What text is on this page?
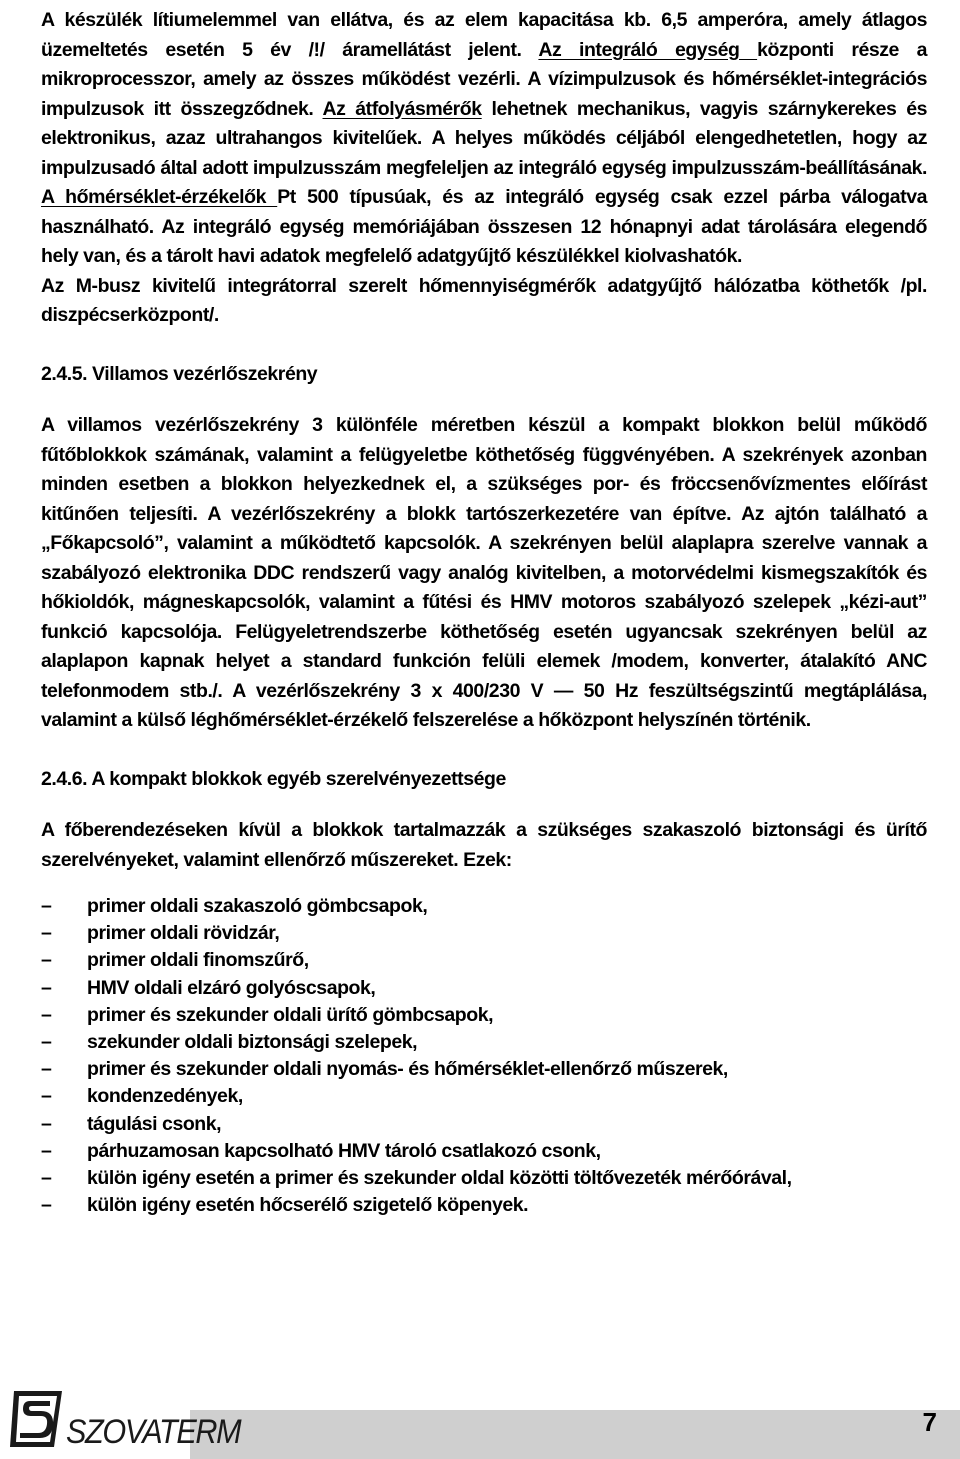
A készülék lítiumelemmel van ellátva, és az elem kapacitása kb. 6,5 amperóra, amely átlagos üzemeltetés esetén 5 év /!/ áramellátást jelent. Az integráló egység központi része a mikroprocesszor, amely az összes működést vezérli. A vízimpulzusok és hőmérséklet-integrációs impulzusok itt összegződnek. Az átfolyásmérők lehetnek mechanikus, vagyis szárnykerekes és elektronikus, azaz ultrahangos kivitelűek. A helyes működés céljából elengedhetetlen, hogy az impulzusadó által adott impulzusszám megfeleljen az integráló egység impulzusszám-beállításának. A hőmérséklet-érzékelők Pt 500 típusúak, és az integráló egység csak ezzel párba válogatva használható. Az integráló egység memóriájában összesen 12 hónapnyi adat tárolására elegendő hely van, és a tárolt havi adatok megfelelő adatgyűjtő készülékkel kiolvashatók.

Az M-busz kivitelű integrátorral szerelt hőmennyiségmérők adatgyűjtő hálózatba köthetők /pl. diszpécserközpont/.

2.4.5. Villamos vezérlőszekrény

A villamos vezérlőszekrény 3 különféle méretben készül a kompakt blokkon belül működő fűtőblokkok számának, valamint a felügyeletbe köthetőség függvényében. A szekrények azonban minden esetben a blokkon helyezkednek el, a szükséges por- és fröccsenővízmentes előírást kitűnően teljesíti. A vezérlőszekrény a blokk tartószerkezetére van építve. Az ajtón található a „Főkapcsoló”, valamint a működtető kapcsolók. A szekrényen belül alaplapra szerelve vannak a szabályozó elektronika DDC rendszerű vagy analóg kivitelben, a motorvédelmi kismegszakítók és hőkioldók, mágneskapcsolók, valamint a fűtési és HMV motoros szabályozó szelepek „kézi-aut” funkció kapcsolója. Felügyeletrendszerbe köthetőség esetén ugyancsak szekrényen belül az alaplapon kapnak helyet a standard funkción felüli elemek /modem, konverter, átalakító ANC telefonmodem stb./. A vezérlőszekrény 3 x 400/230 V — 50 Hz feszültségszintű megtáplálása, valamint a külső léghőmérséklet-érzékelő felszerelése a hőközpont helyszínén történik.

2.4.6. A kompakt blokkok egyéb szerelvényezettsége

A főberendezéseken kívül a blokkok tartalmazzák a szükséges szakaszoló biztonsági és ürítő szerelvényeket, valamint ellenőrző műszereket. Ezek:

– primer oldali szakaszoló gömbcsapok,
– primer oldali rövidzár,
– primer oldali finomszűrő,
– HMV oldali elzáró golyóscsapok,
– primer és szekunder oldali ürítő gömbcsapok,
– szekunder oldali biztonsági szelepek,
– primer és szekunder oldali nyomás- és hőmérséklet-ellenőrző műszerek,
– kondenzedények,
– tágulási csonk,
– párhuzamosan kapcsolható HMV tároló csatlakozó csonk,
– külön igény esetén a primer és szekunder oldal közötti töltővezeték mérőórával,
– külön igény esetén hőcserélő szigetelő köpenyek.
SZOVATERM	7
